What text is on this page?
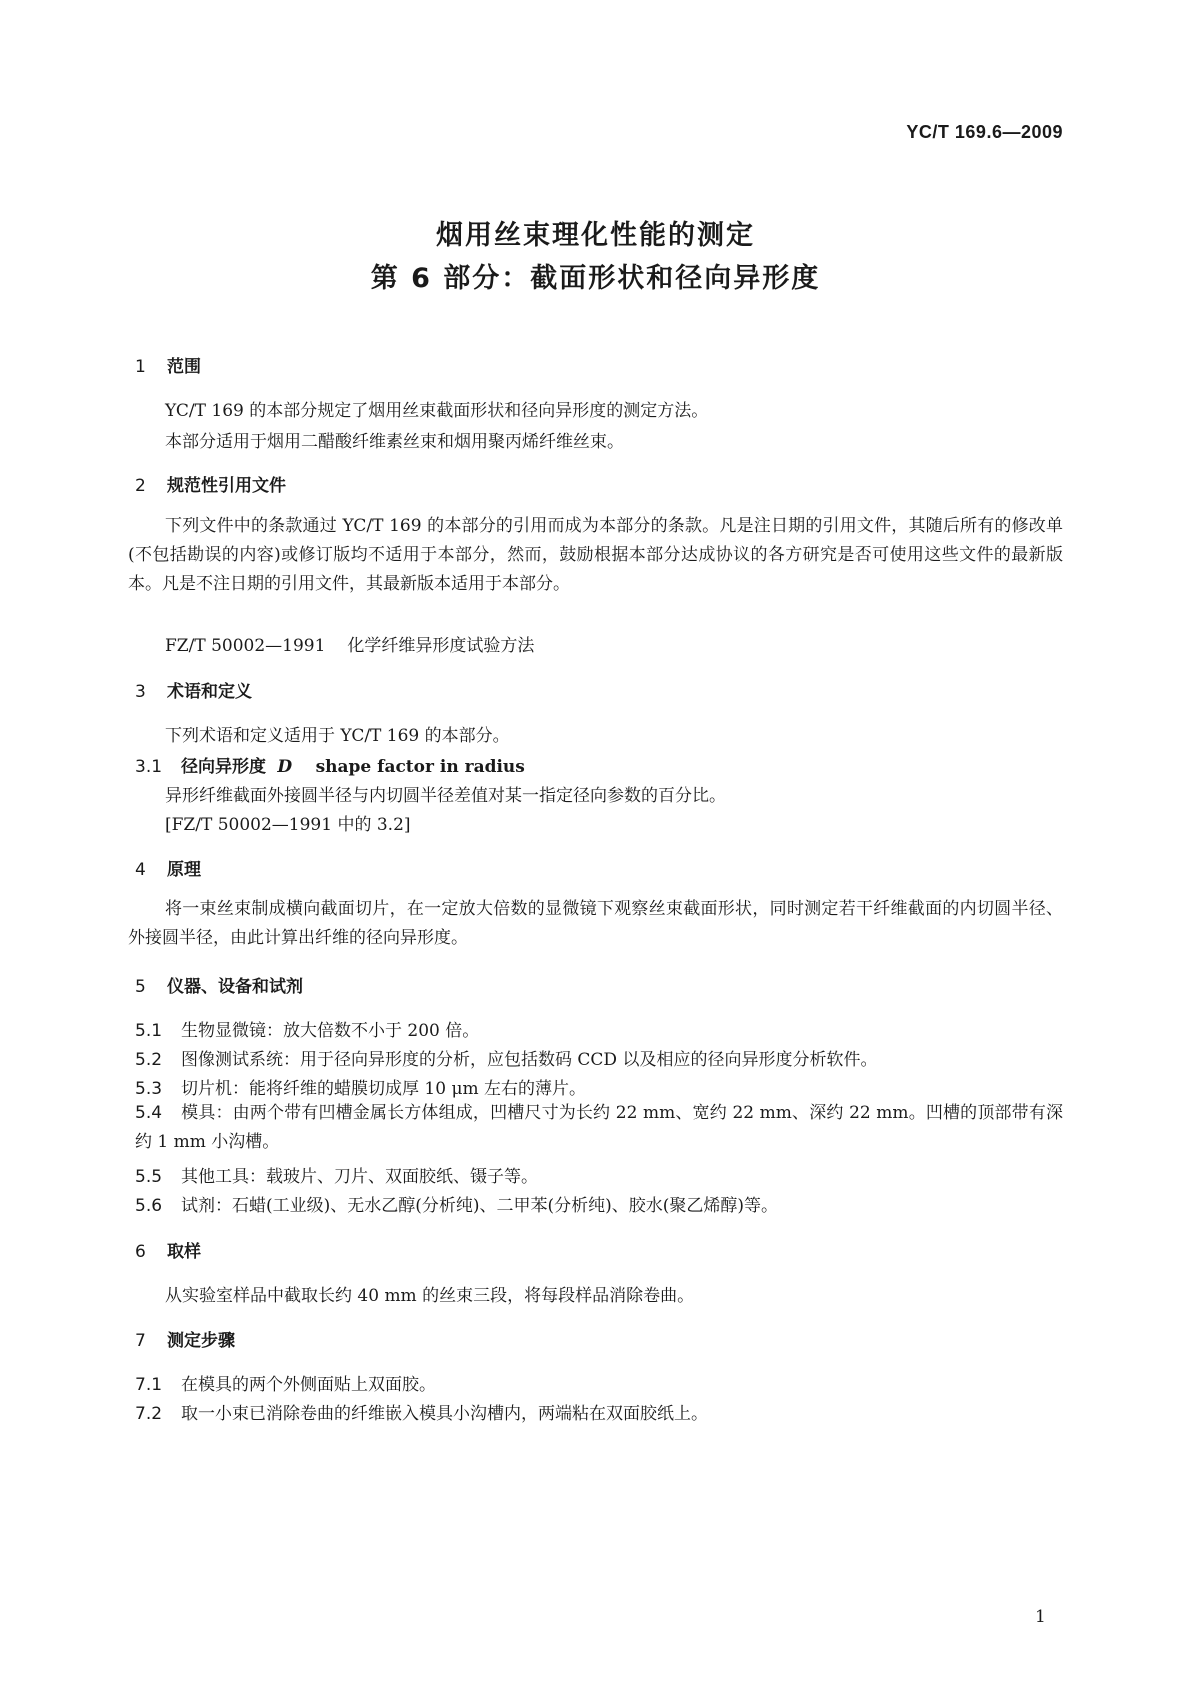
YC/T 169.6—2009
烟用丝束理化性能的测定
第 6 部分：截面形状和径向异形度
1 范围
YC/T 169 的本部分规定了烟用丝束截面形状和径向异形度的测定方法。
本部分适用于烟用二醋酸纤维素丝束和烟用聚丙烯纤维丝束。
2 规范性引用文件
下列文件中的条款通过 YC/T 169 的本部分的引用而成为本部分的条款。凡是注日期的引用文件，其随后所有的修改单(不包括勘误的内容)或修订版均不适用于本部分，然而，鼓励根据本部分达成协议的各方研究是否可使用这些文件的最新版本。凡是不注日期的引用文件，其最新版本适用于本部分。
FZ/T 50002—1991 化学纤维异形度试验方法
3 术语和定义
下列术语和定义适用于 YC/T 169 的本部分。
3.1 径向异形度 D shape factor in radius
异形纤维截面外接圆半径与内切圆半径差值对某一指定径向参数的百分比。
[FZ/T 50002—1991 中的 3.2]
4 原理
将一束丝束制成横向截面切片，在一定放大倍数的显微镜下观察丝束截面形状，同时测定若干纤维截面的内切圆半径、外接圆半径，由此计算出纤维的径向异形度。
5 仪器、设备和试剂
5.1 生物显微镜：放大倍数不小于 200 倍。
5.2 图像测试系统：用于径向异形度的分析，应包括数码 CCD 以及相应的径向异形度分析软件。
5.3 切片机：能将纤维的蜡膜切成厚 10 μm 左右的薄片。
5.4 模具：由两个带有凹槽金属长方体组成，凹槽尺寸为长约 22 mm、宽约 22 mm、深约 22 mm。凹槽的顶部带有深约 1 mm 小沟槽。
5.5 其他工具：载玻片、刀片、双面胶纸、镊子等。
5.6 试剂：石蜡(工业级)、无水乙醇(分析纯)、二甲苯(分析纯)、胶水(聚乙烯醇)等。
6 取样
从实验室样品中截取长约 40 mm 的丝束三段，将每段样品消除卷曲。
7 测定步骤
7.1 在模具的两个外侧面贴上双面胶。
7.2 取一小束已消除卷曲的纤维嵌入模具小沟槽内，两端粘在双面胶纸上。
1
